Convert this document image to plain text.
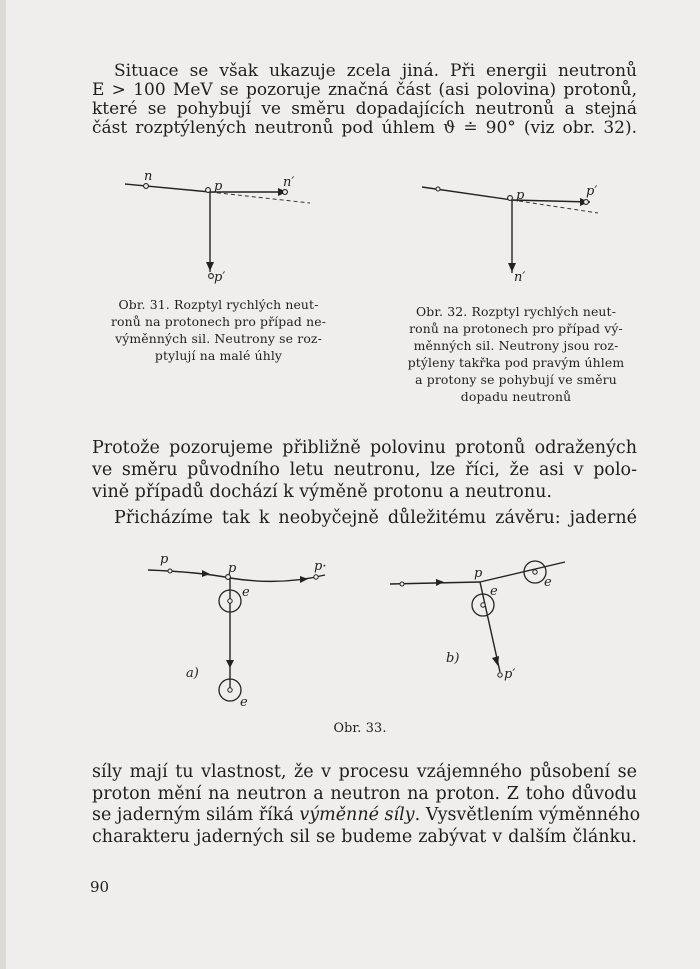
Situace se však ukazuje zcela jiná. Při energii neutronů

E > 100 MeV se pozoruje značná část (asi polovina) protonů,
které se pohybují ve směru dopadajících neutronů a stejná
část rozptýlených neutronů pod úhlem ϑ ≐ 90° (viz obr. 32).

n
p	n′
p′
Obr. 31. Rozptyl rychlých neut-
ronů na protonech pro případ ne-
výměnných sil. Neutrony se roz-
ptylují na malé úhly
p	p′
n′
Obr. 32. Rozptyl rychlých neut-
ronů na protonech pro případ vý-
měnných sil. Neutrony jsou roz-
ptýleny takřka pod pravým úhlem
a protony se pohybují ve směru
dopadu neutronů

Protože pozorujeme přibližně polovinu protonů odražených
ve směru původního letu neutronu, lze říci, že asi v polo-

vině případů dochází k výměně protonu a neutronu.

Přicházíme tak k neobyčejně důležitému závěru: jaderné

p
p	p·
e
e
a)
p
e
e
p′
b)
Obr. 33.

síly mají tu vlastnost, že v procesu vzájemného působení se
proton mění na neutron a neutron na proton. Z toho důvodu
se jaderným silám říká výměnné síly. Vysvětlením výměnného
charakteru jaderných sil se budeme zabývat v dalším článku.

90
